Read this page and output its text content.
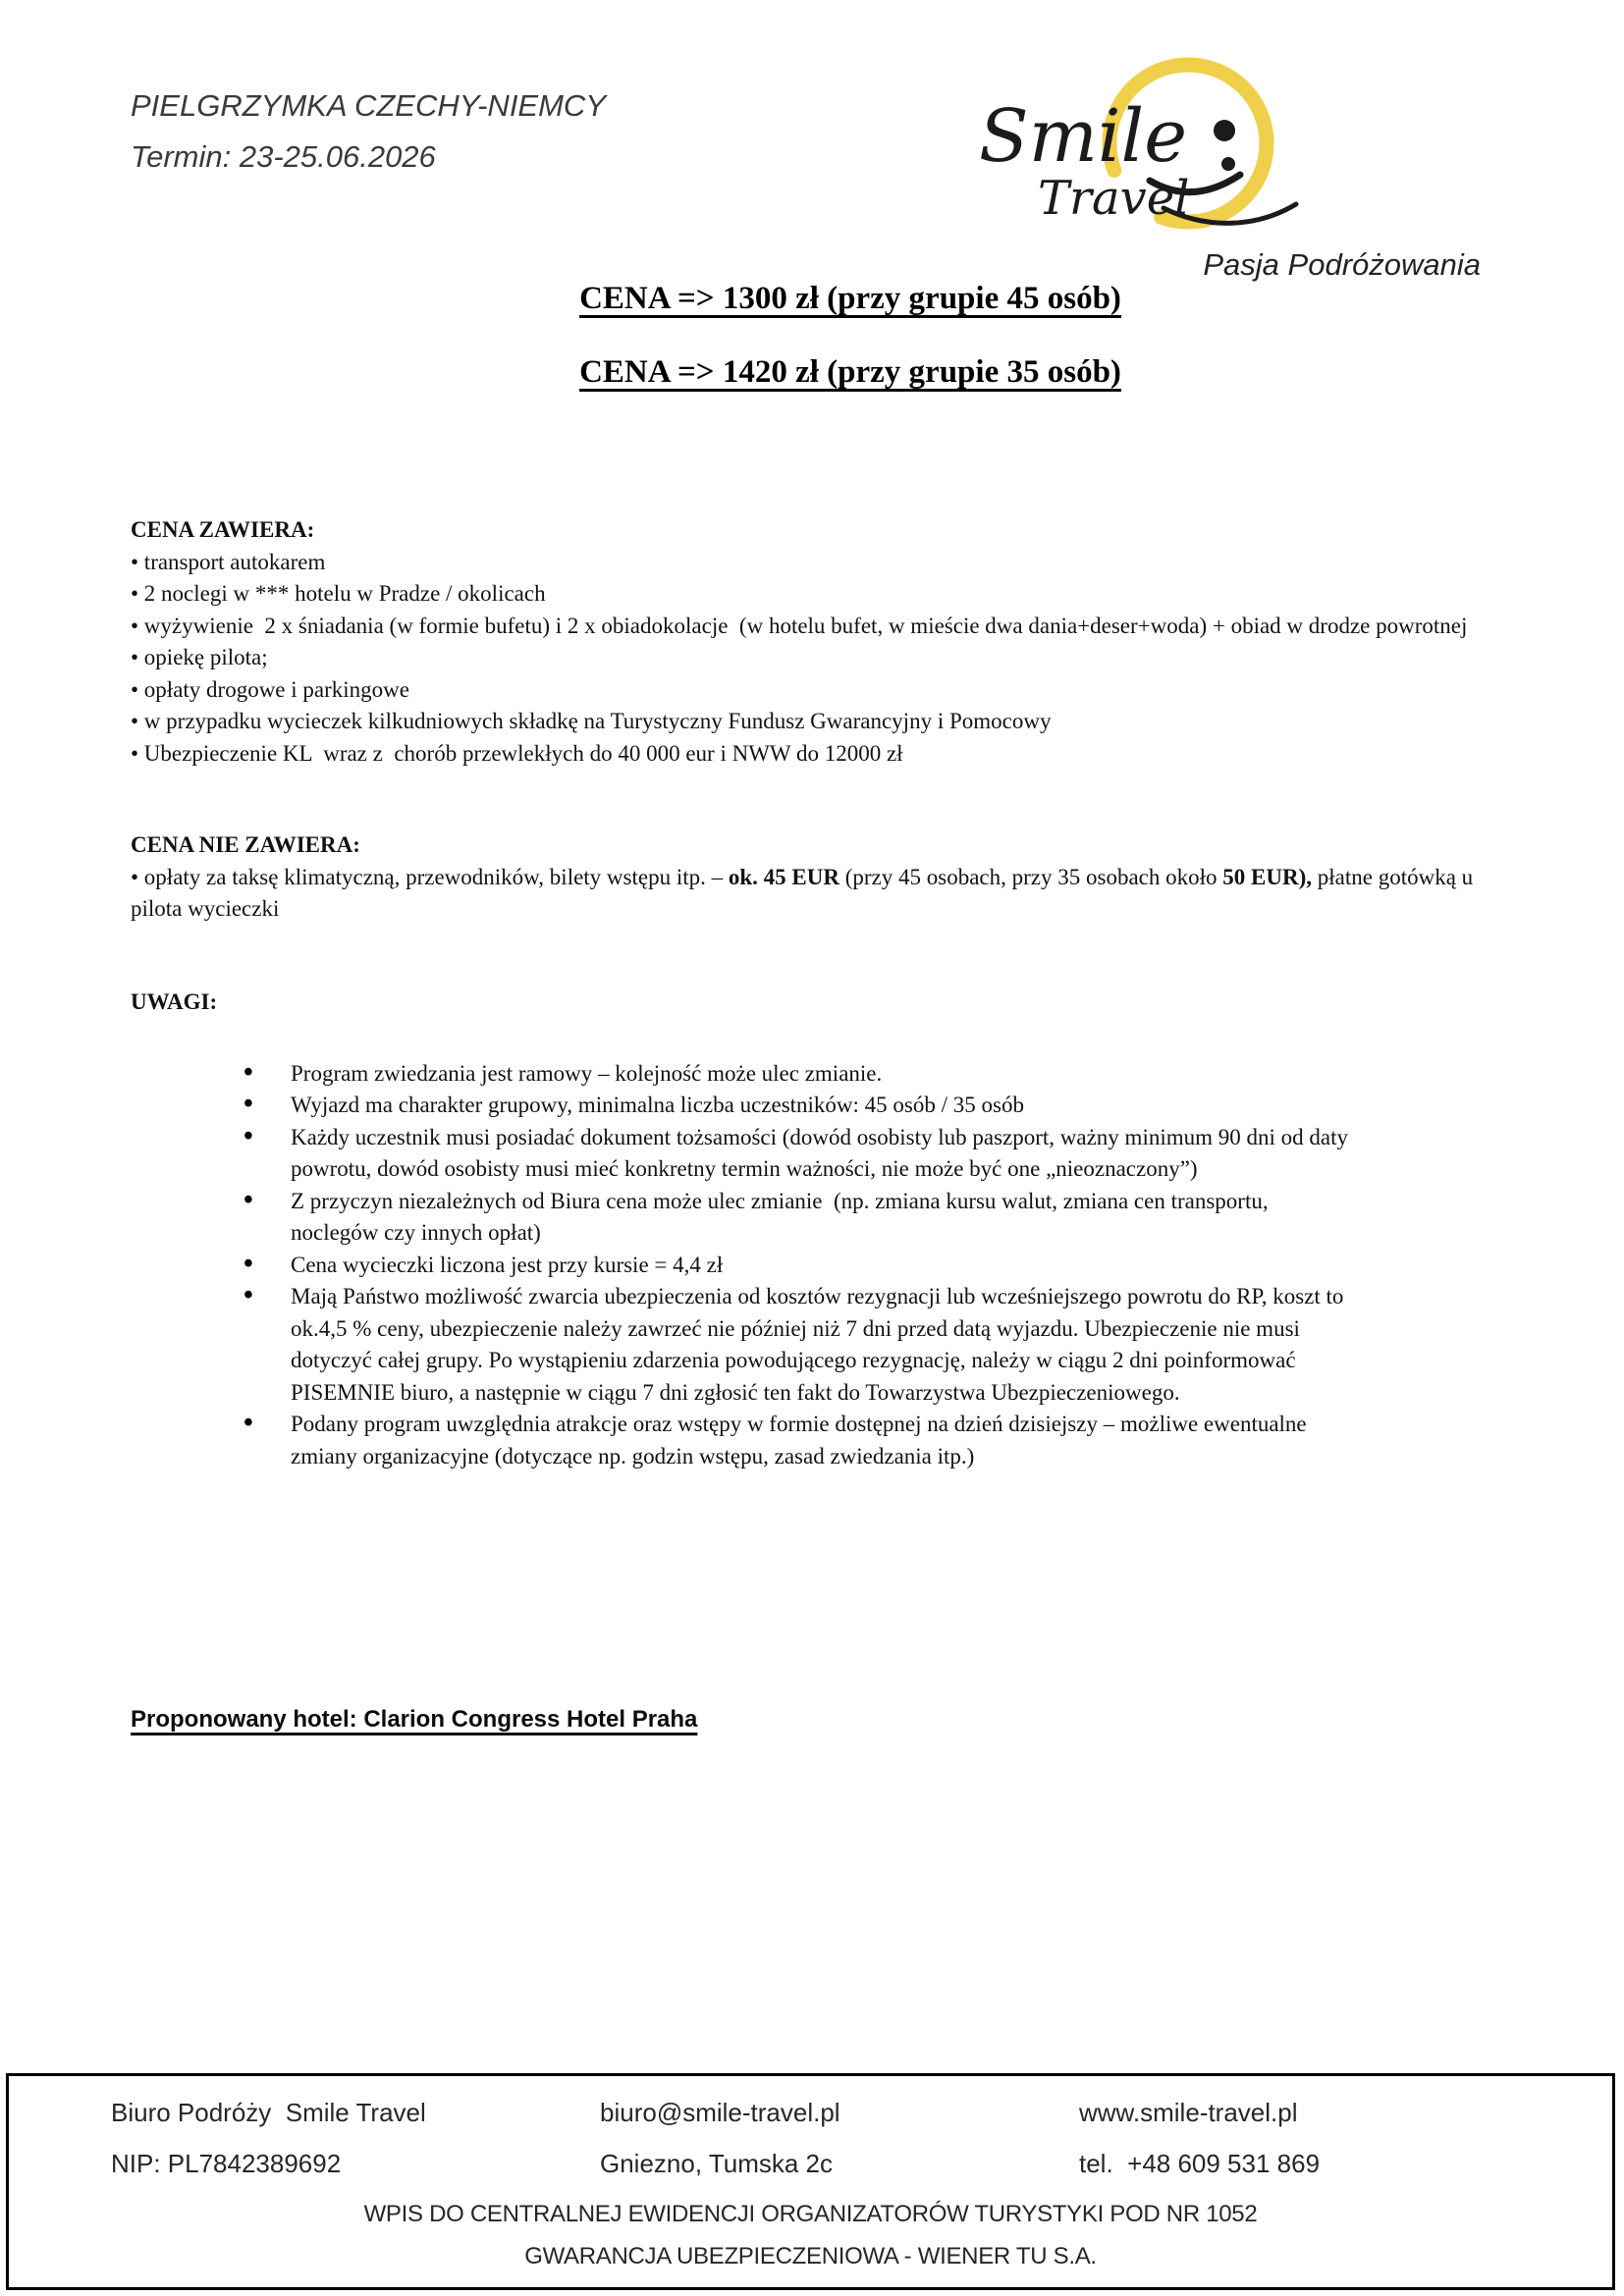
PIELGRZYMKA CZECHY-NIEMCY
Termin: 23-25.06.2026	Smile
Travel
Pasja Podróżowania
CENA => 1300 zł (przy grupie 45 osób)
CENA => 1420 zł (przy grupie 35 osób)

CENA ZAWIERA:

• transport autokarem

• 2 noclegi w *** hotelu w Pradze / okolicach

• wyżywienie  2 x śniadania (w formie bufetu) i 2 x obiadokolacje  (w hotelu bufet, w mieście dwa dania+deser+woda) + obiad w drodze powrotnej

• opiekę pilota;

• opłaty drogowe i parkingowe

• w przypadku wycieczek kilkudniowych składkę na Turystyczny Fundusz Gwarancyjny i Pomocowy

• Ubezpieczenie KL  wraz z  chorób przewlekłych do 40 000 eur i NWW do 12000 zł

CENA NIE ZAWIERA:

• opłaty za taksę klimatyczną, przewodników, bilety wstępu itp. – ok. 45 EUR (przy 45 osobach, przy 35 osobach około 50 EUR), płatne gotówką u pilota wycieczki

UWAGI:

• Program zwiedzania jest ramowy – kolejność może ulec zmianie.
• Wyjazd ma charakter grupowy, minimalna liczba uczestników: 45 osób / 35 osób
• Każdy uczestnik musi posiadać dokument tożsamości (dowód osobisty lub paszport, ważny minimum 90 dni od daty powrotu, dowód osobisty musi mieć konkretny termin ważności, nie może być one „nieoznaczony”)
• Z przyczyn niezależnych od Biura cena może ulec zmianie  (np. zmiana kursu walut, zmiana cen transportu, noclegów czy innych opłat)
• Cena wycieczki liczona jest przy kursie = 4,4 zł
• Mają Państwo możliwość zwarcia ubezpieczenia od kosztów rezygnacji lub wcześniejszego powrotu do RP, koszt to ok.4,5 % ceny, ubezpieczenie należy zawrzeć nie później niż 7 dni przed datą wyjazdu. Ubezpieczenie nie musi dotyczyć całej grupy. Po wystąpieniu zdarzenia powodującego rezygnację, należy w ciągu 2 dni poinformować PISEMNIE biuro, a następnie w ciągu 7 dni zgłosić ten fakt do Towarzystwa Ubezpieczeniowego.
• Podany program uwzględnia atrakcje oraz wstępy w formie dostępnej na dzień dzisiejszy – możliwe ewentualne zmiany organizacyjne (dotyczące np. godzin wstępu, zasad zwiedzania itp.)
Proponowany hotel: Clarion Congress Hotel Praha
Biuro Podróży  Smile Travel	biuro@smile-travel.pl	www.smile-travel.pl
NIP: PL7842389692	Gniezno, Tumska 2c	tel.  +48 609 531 869
WPIS DO CENTRALNEJ EWIDENCJI ORGANIZATORÓW TURYSTYKI POD NR 1052
GWARANCJA UBEZPIECZENIOWA - WIENER TU S.A.
